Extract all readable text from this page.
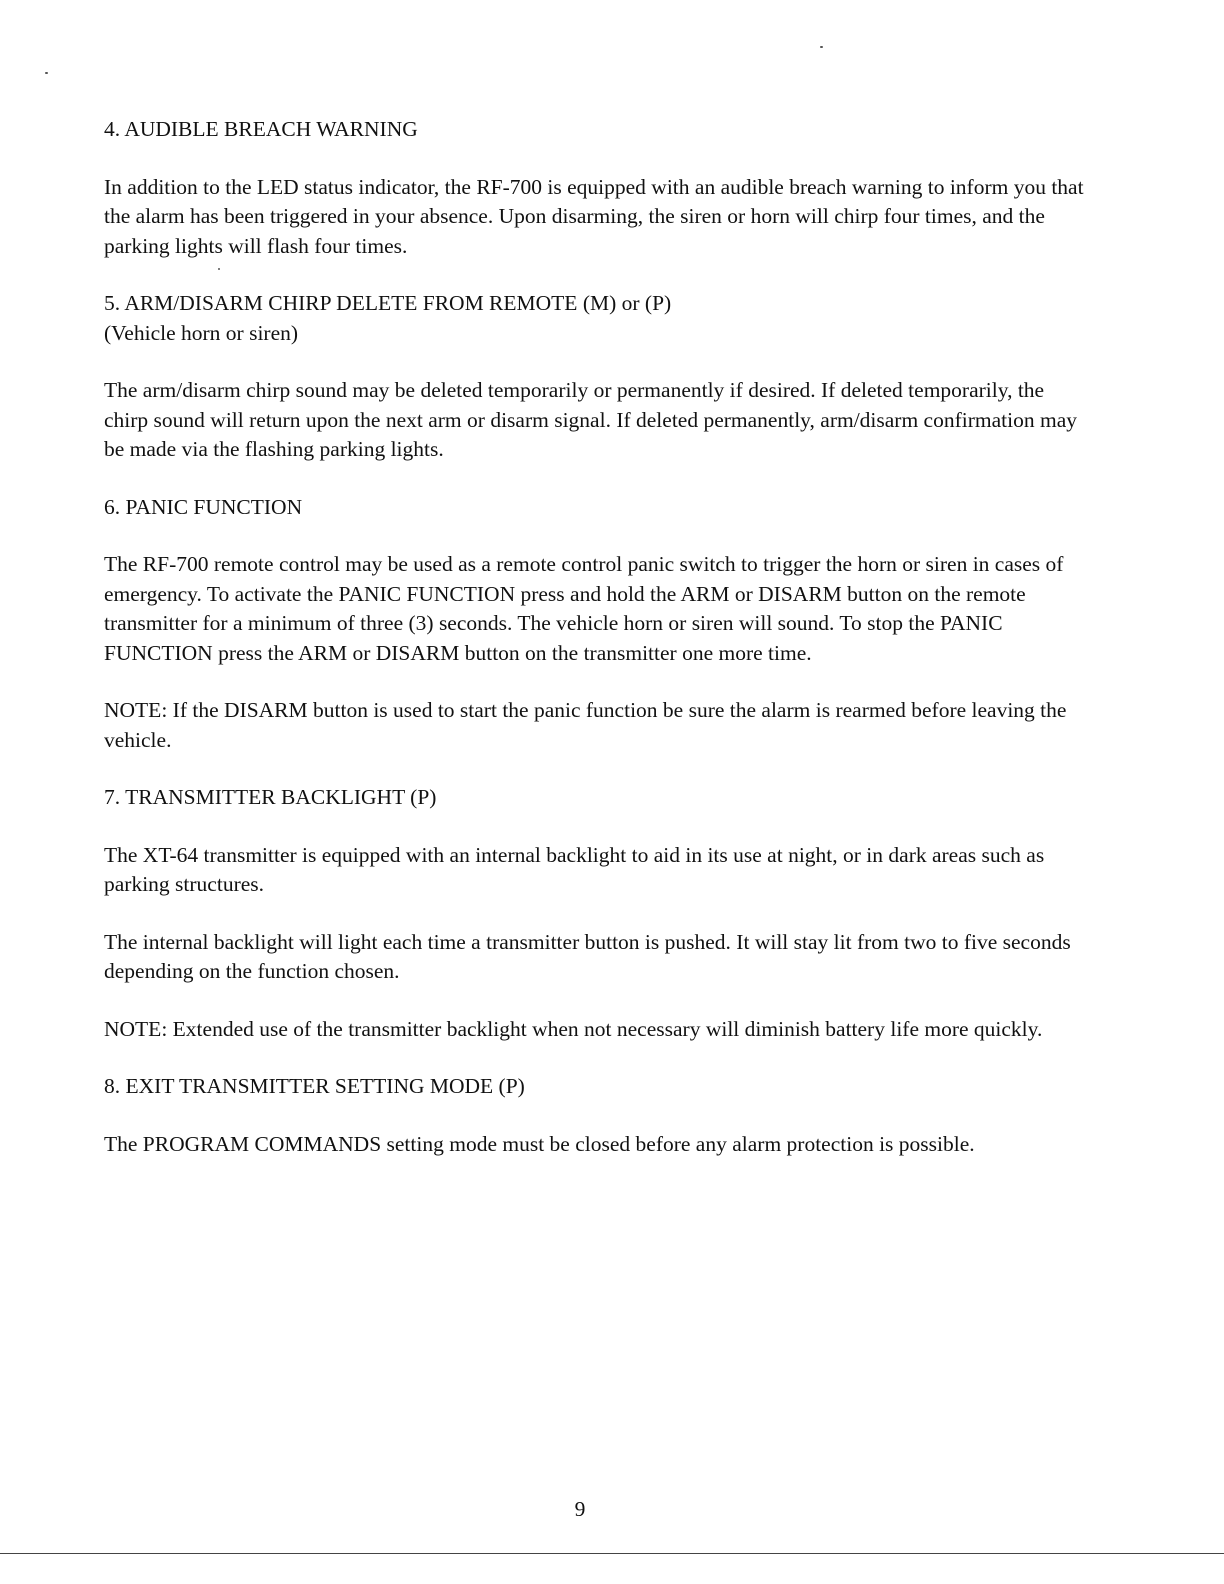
4. AUDIBLE BREACH WARNING

In addition to the LED status indicator, the RF-700 is equipped with an audible breach warning to inform you that the alarm has been triggered in your absence. Upon disarming, the siren or horn will chirp four times, and the parking lights will flash four times.

5. ARM/DISARM CHIRP DELETE FROM REMOTE (M) or (P)
(Vehicle horn or siren)

The arm/disarm chirp sound may be deleted temporarily or permanently if desired. If deleted temporarily, the chirp sound will return upon the next arm or disarm signal. If deleted permanently, arm/disarm confirmation may be made via the flashing parking lights.

6. PANIC FUNCTION

The RF-700 remote control may be used as a remote control panic switch to trigger the horn or siren in cases of emergency. To activate the PANIC FUNCTION press and hold the ARM or DISARM button on the remote transmitter for a minimum of three (3) seconds. The vehicle horn or siren will sound. To stop the PANIC FUNCTION press the ARM or DISARM button on the transmitter one more time.

NOTE: If the DISARM button is used to start the panic function be sure the alarm is rearmed before leaving the vehicle.

7. TRANSMITTER BACKLIGHT (P)

The XT-64 transmitter is equipped with an internal backlight to aid in its use at night, or in dark areas such as parking structures.

The internal backlight will light each time a transmitter button is pushed. It will stay lit from two to five seconds depending on the function chosen.

NOTE: Extended use of the transmitter backlight when not necessary will diminish battery life more quickly.

8. EXIT TRANSMITTER SETTING MODE (P)

The PROGRAM COMMANDS setting mode must be closed before any alarm protection is possible.

9
